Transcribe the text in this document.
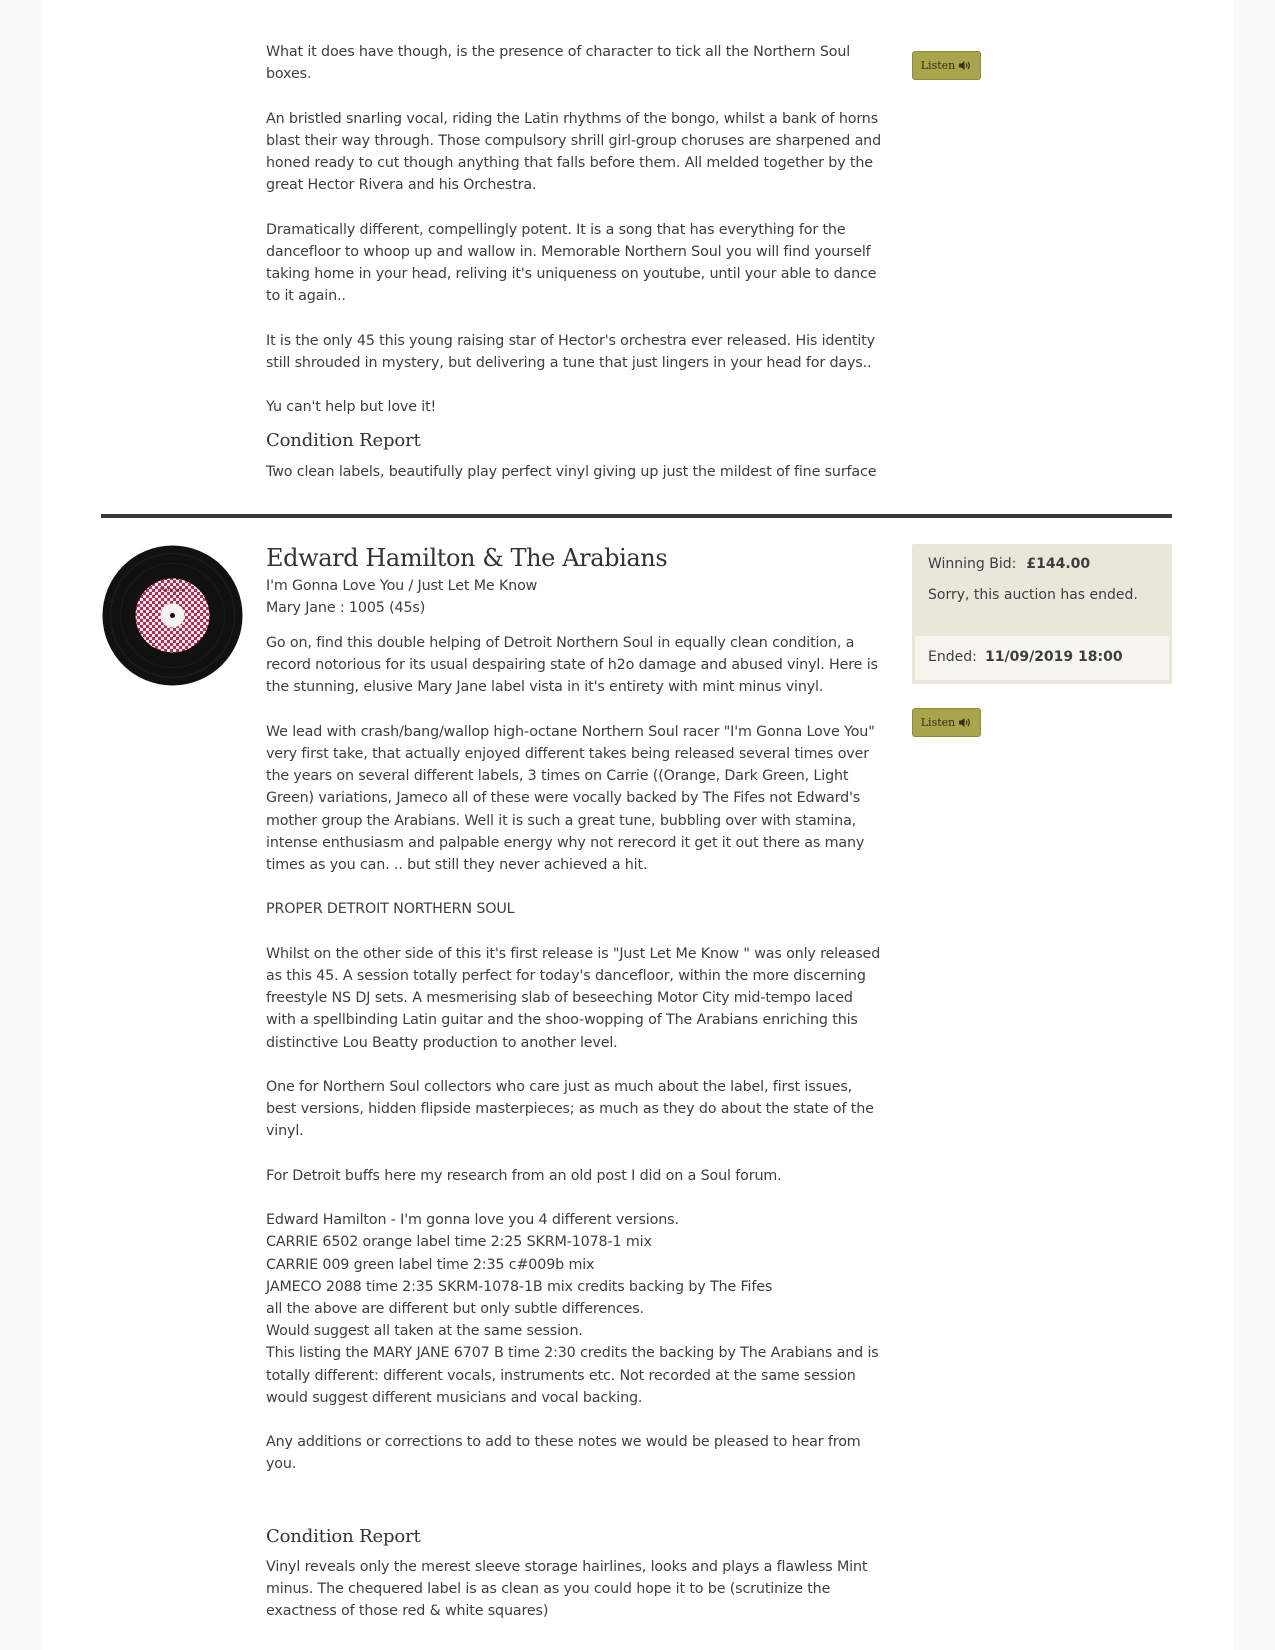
What it does have though, is the presence of character to tick all the Northern Soul boxes.

An bristled snarling vocal, riding the Latin rhythms of the bongo, whilst a bank of horns blast their way through. Those compulsory shrill girl-group choruses are sharpened and honed ready to cut though anything that falls before them. All melded together by the great Hector Rivera and his Orchestra.

Dramatically different, compellingly potent. It is a song that has everything for the dancefloor to whoop up and wallow in. Memorable Northern Soul you will find yourself taking home in your head, reliving it's uniqueness on youtube, until your able to dance to it again..

It is the only 45 this young raising star of Hector's orchestra ever released. His identity still shrouded in mystery, but delivering a tune that just lingers in your head for days..

Yu can't help but love it!

Condition Report

Two clean labels, beautifully play perfect vinyl giving up just the mildest of fine surface

Listen
Mary Jane
Edward Hamilton & The Arabians
I'm Gonna Love You / Just Let Me Know
Mary Jane : 1005 (45s)
Winning Bid: £144.00
Sorry, this auction has ended.
Ended: 11/09/2019 18:00
Listen

Go on, find this double helping of Detroit Northern Soul in equally clean condition, a record notorious for its usual despairing state of h2o damage and abused vinyl. Here is the stunning, elusive Mary Jane label vista in it's entirety with mint minus vinyl.

We lead with crash/bang/wallop high-octane Northern Soul racer "I'm Gonna Love You" very first take, that actually enjoyed different takes being released several times over the years on several different labels, 3 times on Carrie ((Orange, Dark Green, Light Green) variations, Jameco all of these were vocally backed by The Fifes not Edward's mother group the Arabians. Well it is such a great tune, bubbling over with stamina, intense enthusiasm and palpable energy why not rerecord it get it out there as many times as you can. .. but still they never achieved a hit.

PROPER DETROIT NORTHERN SOUL

Whilst on the other side of this it's first release is "Just Let Me Know " was only released as this 45. A session totally perfect for today's dancefloor, within the more discerning freestyle NS DJ sets. A mesmerising slab of beseeching Motor City mid-tempo laced with a spellbinding Latin guitar and the shoo-wopping of The Arabians enriching this distinctive Lou Beatty production to another level.

One for Northern Soul collectors who care just as much about the label, first issues, best versions, hidden flipside masterpieces; as much as they do about the state of the vinyl.

For Detroit buffs here my research from an old post I did on a Soul forum.

Edward Hamilton - I'm gonna love you 4 different versions.

CARRIE 6502 orange label time 2:25 SKRM-1078-1 mix

CARRIE 009 green label time 2:35 c#009b mix

JAMECO 2088 time 2:35 SKRM-1078-1B mix credits backing by The Fifes

all the above are different but only subtle differences.

Would suggest all taken at the same session.

This listing the MARY JANE 6707 B time 2:30 credits the backing by The Arabians and is totally different: different vocals, instruments etc. Not recorded at the same session would suggest different musicians and vocal backing.

Any additions or corrections to add to these notes we would be pleased to hear from you.

Condition Report

Vinyl reveals only the merest sleeve storage hairlines, looks and plays a flawless Mint minus. The chequered label is as clean as you could hope it to be (scrutinize the exactness of those red & white squares)
